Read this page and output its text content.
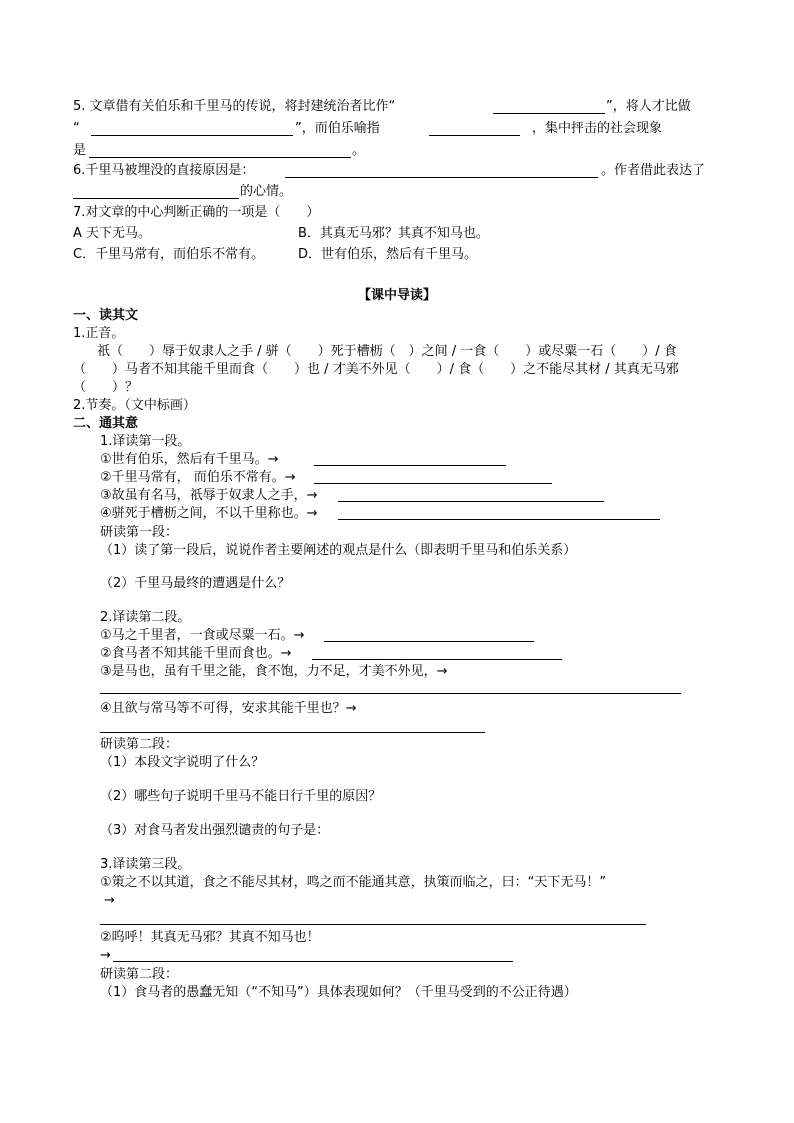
5. 文章借有关伯乐和千里马的传说，将封建统治者比作“	”，将人才比做
“	”，而伯乐喻指	，集中抨击的社会现象
是	。
6.千里马被埋没的直接原因是：	。作者借此表达了
的心情。
7.对文章的中心判断正确的一项是（　　）
A 天下无马。	B．其真无马邪？其真不知马也。
C．千里马常有，而伯乐不常有。	D．世有伯乐，然后有千里马。
【课中导读】
一、读其文
1.正音。
祇（　　）辱于奴隶人之手 / 骈（　　）死于槽枥（　）之间 / 一食（　　）或尽粟一石（　　）/ 食
（　　）马者不知其能千里而食（　　）也 / 才美不外见（　　）/ 食（　　）之不能尽其材 / 其真无马邪
（　　）？
2.节奏。（文中标画）
二、通其意
1.译读第一段。
①世有伯乐，然后有千里马。→
②千里马常有， 而伯乐不常有。→
③故虽有名马，祇辱于奴隶人之手，→
④骈死于槽枥之间，不以千里称也。→
研读第一段：
（1）读了第一段后，说说作者主要阐述的观点是什么（即表明千里马和伯乐关系）
（2）千里马最终的遭遇是什么？
2.译读第二段。
①马之千里者，一食或尽粟一石。→
②食马者不知其能千里而食也。→
③是马也，虽有千里之能，食不饱，力不足，才美不外见，→
④且欲与常马等不可得，安求其能千里也？→
研读第二段：
（1）本段文字说明了什么？
（2）哪些句子说明千里马不能日行千里的原因？
（3）对食马者发出强烈谴责的句子是：
3.译读第三段。
①策之不以其道，食之不能尽其材，鸣之而不能通其意，执策而临之，曰：“天下无马！”
→
②呜呼！其真无马邪？其真不知马也！
→
研读第二段：
（1）食马者的愚蠢无知（“不知马”）具体表现如何？（千里马受到的不公正待遇）
